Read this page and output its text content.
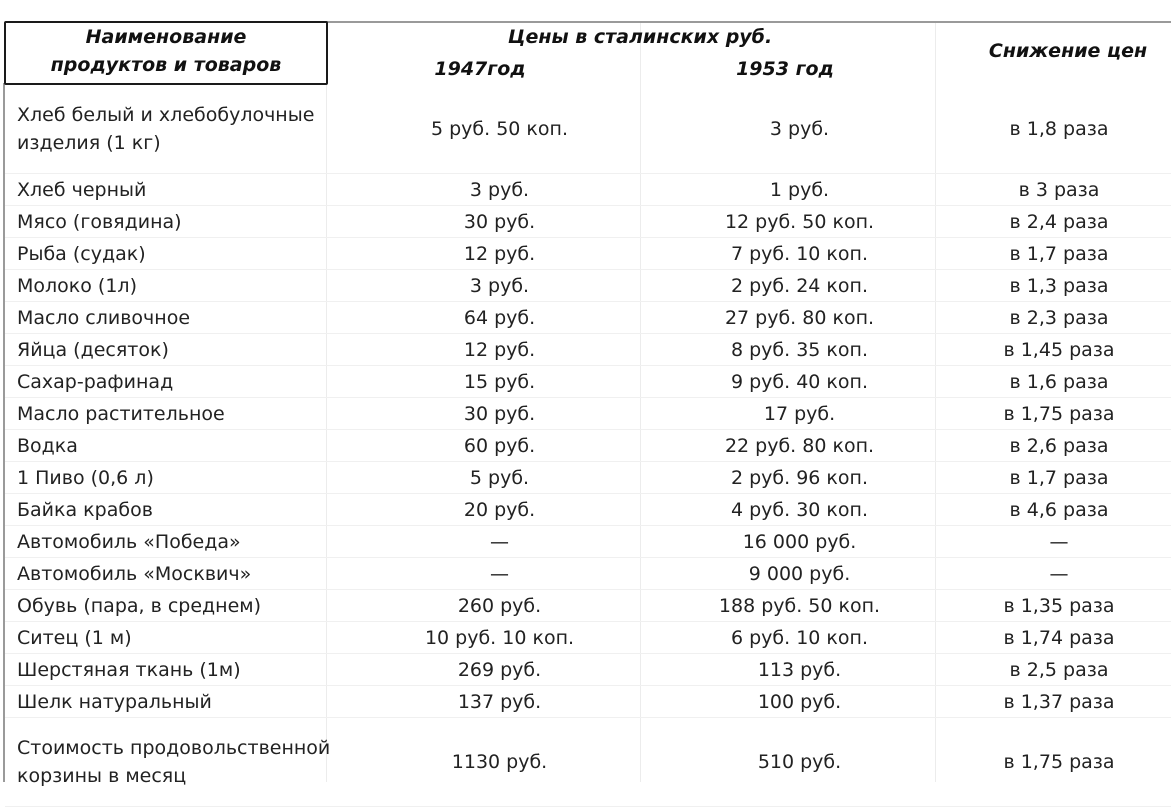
Наименование
продуктов и товаров
Цены в сталинских руб.
1947год	1953 год
Снижение цен
Хлеб белый и хлебобулочные изделия (1 кг)	5 руб. 50 коп.	3 руб.	в 1,8 раза
Хлеб черный	3 руб.	1 руб.	в 3 раза
Мясо (говядина)	30 руб.	12 руб. 50 коп.	в 2,4 раза
Рыба (судак)	12 руб.	7 руб. 10 коп.	в 1,7 раза
Молоко (1л)	3 руб.	2 руб. 24 коп.	в 1,3 раза
Масло сливочное	64 руб.	27 руб. 80 коп.	в 2,3 раза
Яйца (десяток)	12 руб.	8 руб. 35 коп.	в 1,45 раза
Сахар-рафинад	15 руб.	9 руб. 40 коп.	в 1,6 раза
Масло растительное	30 руб.	17 руб.	в 1,75 раза
Водка	60 руб.	22 руб. 80 коп.	в 2,6 раза
1 Пиво (0,6 л)	5 руб.	2 руб. 96 коп.	в 1,7 раза
Байка крабов	20 руб.	4 руб. 30 коп.	в 4,6 раза
Автомобиль «Победа»	—	16 000 руб.	—
Автомобиль «Москвич»	—	9 000 руб.	—
Обувь (пара, в среднем)	260 руб.	188 руб. 50 коп.	в 1,35 раза
Ситец (1 м)	10 руб. 10 коп.	6 руб. 10 коп.	в 1,74 раза
Шерстяная ткань (1м)	269 руб.	113 руб.	в 2,5 раза
Шелк натуральный	137 руб.	100 руб.	в 1,37 раза
Стоимость продовольственной корзины в месяц	1130 руб.	510 руб.	в 1,75 раза
